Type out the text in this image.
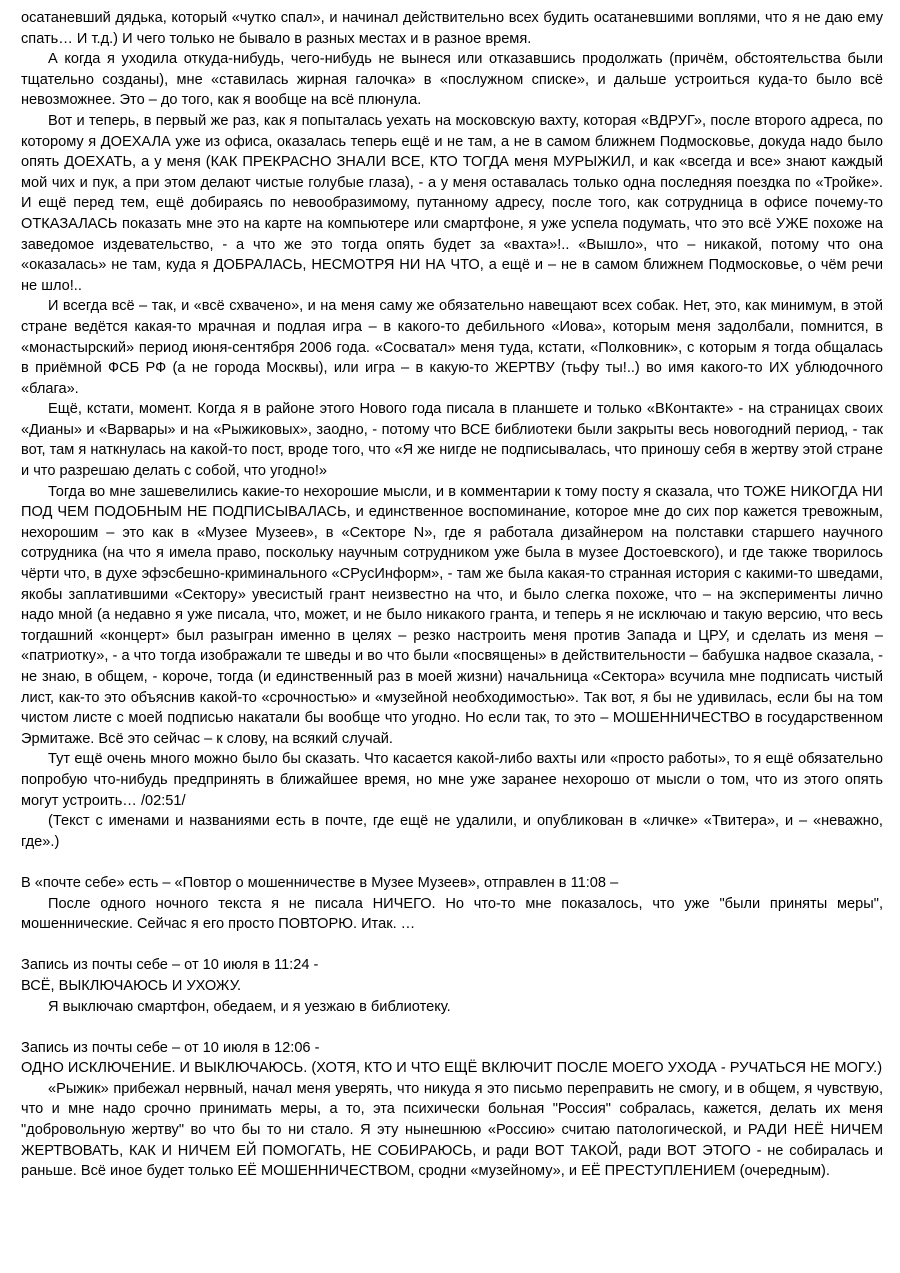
осатаневший дядька, который «чутко спал», и начинал действительно всех будить осатаневшими воплями, что я не даю ему спать… И т.д.) И чего только не бывало в разных местах и в разное время.

А когда я уходила откуда-нибудь, чего-нибудь не вынеся или отказавшись продолжать (причём, обстоятельства были тщательно созданы), мне «ставилась жирная галочка» в «послужном списке», и дальше устроиться куда-то было всё невозможнее. Это – до того, как я вообще на всё плюнула.

Вот и теперь, в первый же раз, как я попыталась уехать на московскую вахту, которая «ВДРУГ», после второго адреса, по которому я ДОЕХАЛА уже из офиса, оказалась теперь ещё и не там, а не в самом ближнем Подмосковье, докуда надо было опять ДОЕХАТЬ, а у меня (КАК ПРЕКРАСНО ЗНАЛИ ВСЕ, КТО ТОГДА меня МУРЫЖИЛ, и как «всегда и все» знают каждый мой чих и пук, а при этом делают чистые голубые глаза), - а у меня оставалась только одна последняя поездка по «Тройке». И ещё перед тем, ещё добираясь по невообразимому, путанному адресу, после того, как сотрудница в офисе почему-то ОТКАЗАЛАСЬ показать мне это на карте на компьютере или смартфоне, я уже успела подумать, что это всё УЖЕ похоже на заведомое издевательство, - а что же это тогда опять будет за «вахта»!.. «Вышло», что – никакой, потому что она «оказалась» не там, куда я ДОБРАЛАСЬ, НЕСМОТРЯ НИ НА ЧТО, а ещё и – не в самом ближнем Подмосковье, о чём речи не шло!..

И всегда всё – так, и «всё схвачено», и на меня саму же обязательно навещают всех собак. Нет, это, как минимум, в этой стране ведётся какая-то мрачная и подлая игра – в какого-то дебильного «Иова», которым меня задолбали, помнится, в «монастырский» период июня-сентября 2006 года. «Сосватал» меня туда, кстати, «Полковник», с которым я тогда общалась в приёмной ФСБ РФ (а не города Москвы), или игра – в какую-то ЖЕРТВУ (тьфу ты!..) во имя какого-то ИХ ублюдочного «блага».

Ещё, кстати, момент. Когда я в районе этого Нового года писала в планшете и только «ВКонтакте» - на страницах своих «Дианы» и «Варвары» и на «Рыжиковых», заодно, - потому что ВСЕ библиотеки были закрыты весь новогодний период, - так вот, там я наткнулась на какой-то пост, вроде того, что «Я же нигде не подписывалась, что приношу себя в жертву этой стране и что разрешаю делать с собой, что угодно!»

Тогда во мне зашевелились какие-то нехорошие мысли, и в комментарии к тому посту я сказала, что ТОЖЕ НИКОГДА НИ ПОД ЧЕМ ПОДОБНЫМ НЕ ПОДПИСЫВАЛАСЬ, и единственное воспоминание, которое мне до сих пор кажется тревожным, нехорошим – это как в «Музее Музеев», в «Секторе N», где я работала дизайнером на полставки старшего научного сотрудника (на что я имела право, поскольку научным сотрудником уже была в музее Достоевского), и где также творилось чёрти что, в духе эфэсбешно-криминального «СРусИнформ», - там же была какая-то странная история с какими-то шведами, якобы заплатившими «Сектору» увесистый грант неизвестно на что, и было слегка похоже, что – на эксперименты лично надо мной (а недавно я уже писала, что, может, и не было никакого гранта, и теперь я не исключаю и такую версию, что весь тогдашний «концерт» был разыгран именно в целях – резко настроить меня против Запада и ЦРУ, и сделать из меня – «патриотку», - а что тогда изображали те шведы и во что были «посвящены» в действительности – бабушка надвое сказала, - не знаю, в общем, - короче, тогда (и единственный раз в моей жизни) начальница «Сектора» всучила мне подписать чистый лист, как-то это объяснив какой-то «срочностью» и «музейной необходимостью». Так вот, я бы не удивилась, если бы на том чистом листе с моей подписью накатали бы вообще что угодно. Но если так, то это – МОШЕННИЧЕСТВО в государственном Эрмитаже. Всё это сейчас – к слову, на всякий случай.

Тут ещё очень много можно было бы сказать. Что касается какой-либо вахты или «просто работы», то я ещё обязательно попробую что-нибудь предпринять в ближайшее время, но мне уже заранее нехорошо от мысли о том, что из этого опять могут устроить… /02:51/

(Текст с именами и названиями есть в почте, где ещё не удалили, и опубликован в «личке» «Твитера», и – «неважно, где».)

В «почте себе» есть – «Повтор о мошенничестве в Музее Музеев», отправлен в 11:08 –

После одного ночного текста я не писала НИЧЕГО. Но что-то мне показалось, что уже "были приняты меры", мошеннические. Сейчас я его просто ПОВТОРЮ. Итак. …

Запись из почты себе – от 10 июля в 11:24 -

ВСЁ, ВЫКЛЮЧАЮСЬ И УХОЖУ.

Я выключаю смартфон, обедаем, и я уезжаю в библиотеку.

Запись из почты себе – от 10 июля в 12:06 -

ОДНО ИСКЛЮЧЕНИЕ. И ВЫКЛЮЧАЮСЬ. (ХОТЯ, КТО И ЧТО ЕЩЁ ВКЛЮЧИТ ПОСЛЕ МОЕГО УХОДА - РУЧАТЬСЯ НЕ МОГУ.)

«Рыжик» прибежал нервный, начал меня уверять, что никуда я это письмо переправить не смогу, и в общем, я чувствую, что и мне надо срочно принимать меры, а то, эта психически больная "Россия" собралась, кажется, делать их меня "добровольную жертву" во что бы то ни стало. Я эту нынешнюю «Россию» считаю патологической, и РАДИ НЕЁ НИЧЕМ ЖЕРТВОВАТЬ, КАК И НИЧЕМ ЕЙ ПОМОГАТЬ, НЕ СОБИРАЮСЬ, и ради ВОТ ТАКОЙ, ради ВОТ ЭТОГО - не собиралась и раньше. Всё иное будет только ЕЁ МОШЕННИЧЕСТВОМ, сродни «музейному», и ЕЁ ПРЕСТУПЛЕНИЕМ (очередным).
